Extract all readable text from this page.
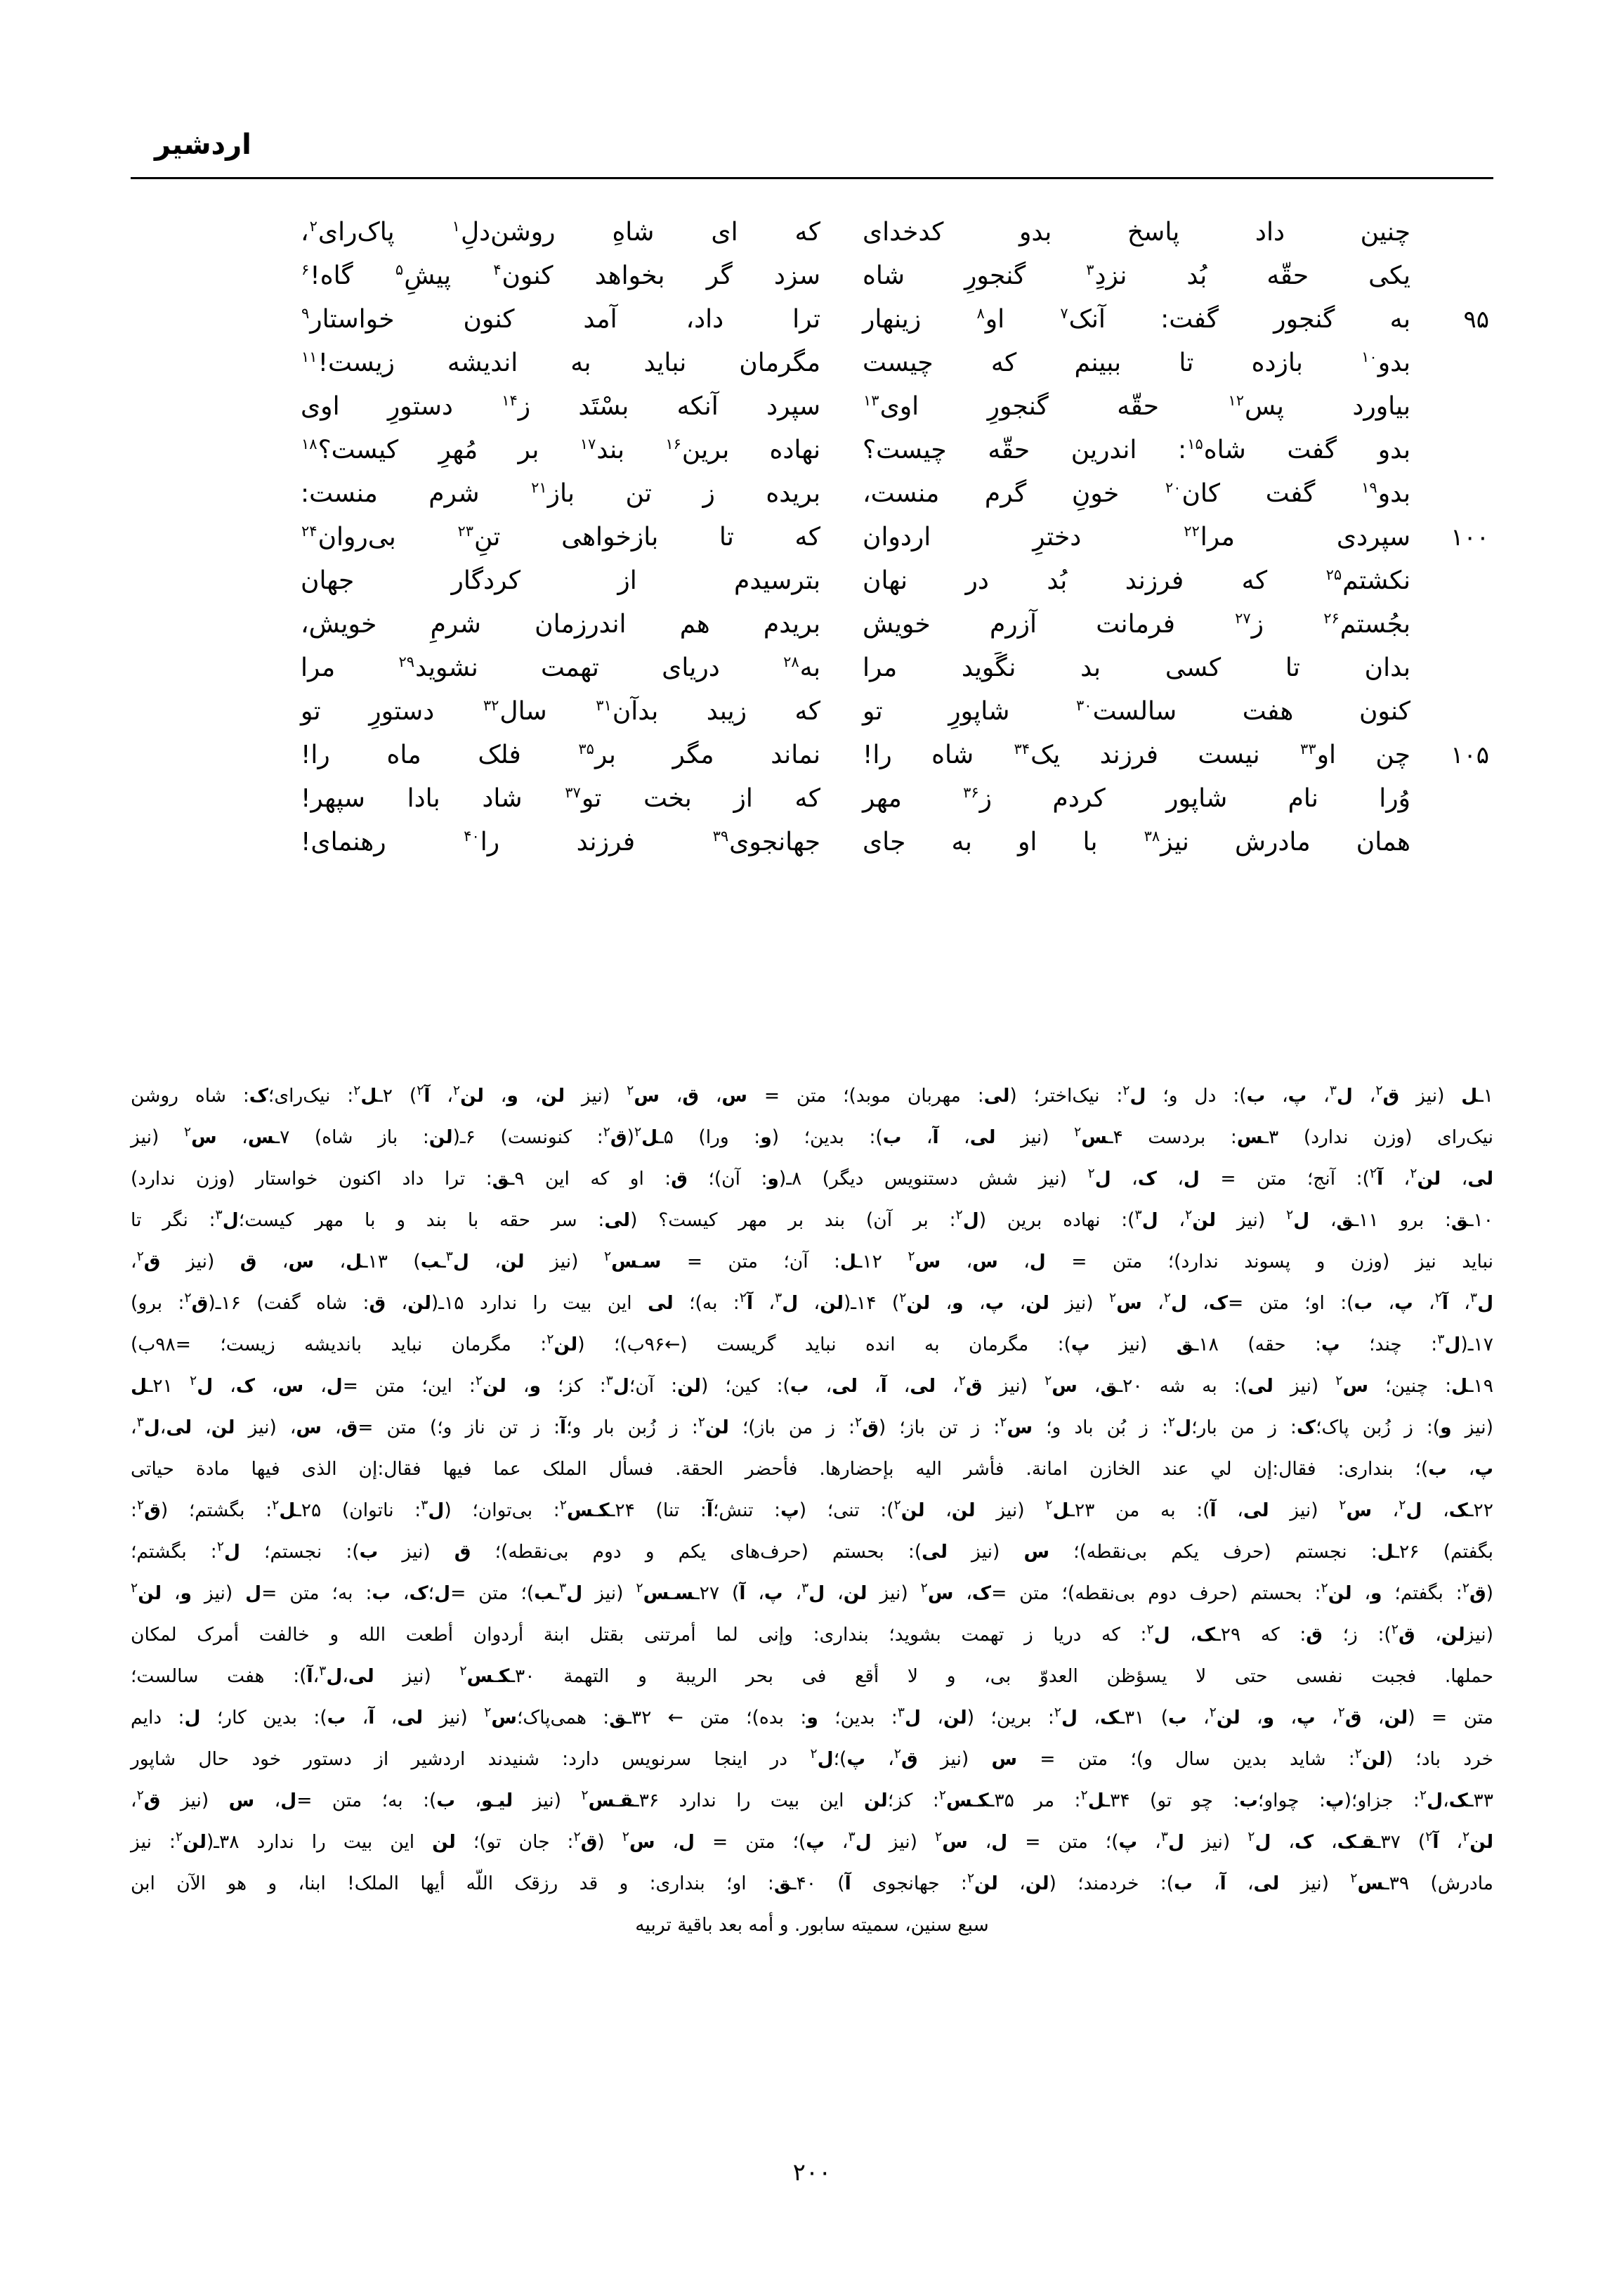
اردشیر
چنین داد پاسخ بدو کدخدای
که ای شاهِ روشن‌دلِ$^۱$ پاک‌رای$^۲$،
یکی حقّه بُد نزدِ$^۳$ گنجورِ شاه
سزد گر بخواهد کنون$^۴$ پیشِ$^۵$ گاه!$^۶$
۹۵
به گنجور گفت: آنک$^۷$ او$^۸$ زینهار
ترا داد، آمد کنون خواستار$^۹$
بدو$^{۱۰}$ بازده تا ببینم که چیست
مگرمان نباید به اندیشه زیست!$^{۱۱}$
بیاورد پس$^{۱۲}$ حقّه گنجورِ اوی$^{۱۳}$
سپرد آنکه بسْتَد ز$^{۱۴}$ دستورِ اوی
بدو گفت شاه$^{۱۵}$: اندرین حقّه چیست؟
نهاده برین$^{۱۶}$ بند$^{۱۷}$ بر مُهرِ کیست؟$^{۱۸}$
بدو$^{۱۹}$ گفت کان$^{۲۰}$ خونِ گرم منست،
بریده ز تن باز$^{۲۱}$ شرم منست:
۱۰۰
سپردی مرا$^{۲۲}$ دخترِ اردوان
که تا بازخواهی تنِ$^{۲۳}$ بی‌روان$^{۲۴}$
نکشتم$^{۲۵}$ که فرزند بُد در نهان
بترسیدم از کردگار جهان
بجُستم$^{۲۶}$ ز$^{۲۷}$ فرمانت آزرم خویش
بریدم هم اندرزمان شرمِ خویش،
بدان تا کسی بد نگَوید مرا
به$^{۲۸}$ دریای تهمت نشوید$^{۲۹}$ مرا
کنون هفت سالست$^{۳۰}$ شاپورِ تو
که زیبد بدآن$^{۳۱}$ سال$^{۳۲}$ دستورِ تو
۱۰۵
چن او$^{۳۳}$ نیست فرزند یک$^{۳۴}$ شاه را!
نماند مگر بر$^{۳۵}$ فلک ماه را!
وُرا نام شاپور کردم ز$^{۳۶}$ مهر
که از بخت تو$^{۳۷}$ شاد بادا سپهر!
همان مادرش نیز$^{۳۸}$ با او به جای
جهانجوی$^{۳۹}$ فرزند را$^{۴۰}$ رهنمای!

۱ـل (نیز ق$^۲$، ل$^۳$، پ، ب): دل و؛ ل$^۲$: نیک‌اختر؛ (لی: مهربان موبد)؛ متن = س، ق، س$^۲$ (نیز لن، و، لن$^۲$، آ$^۲$) ۲ـل$^۲$: نیک‌رای؛ک: شاه روشن

نیک‌رای (وزن ندارد) ۳ـس: بردست ۴ـس$^۲$ (نیز لی، آ، ب): بدین؛ (و: ورا) ۵ـل$^۲$(ق$^۲$: کنونست) ۶ـ(لن: باز شاه) ۷ـس، س$^۲$ (نیز

لی، لن$^۲$، آ$^۲$): آنج؛ متن = ل، ک، ل$^۲$ (نیز شش دستنویس دیگر) ۸ـ(و: آن)؛ ق: او که این ۹ـق: ترا داد اکنون خواستار (وزن ندارد)

۱۰ـق: برو ۱۱ـق، ل$^۲$ (نیز لن$^۲$، ل$^۳$): نهاده برین (ل$^۲$: بر آن) بند بر مهر کیست؟ (لی: سر حقه با بند و با مهر کیست؛ل$^۳$: نگر تا

نباید نیز (وزن و پسوند ندارد)؛ متن = ل، س، س$^۲$ ۱۲ـل: آن؛ متن = سـس$^۲$ (نیز لن، ل$^۳$ـب) ۱۳ـل، س، ق (نیز ق$^۲$،

ل$^۳$، آ$^۲$، پ، ب): او؛ متن =ک، ل$^۲$، س$^۲$ (نیز لن، پ، و، لن$^۲$) ۱۴ـ(لن، ل$^۳$، آ$^۲$: به)؛ لی این بیت را ندارد ۱۵ـ(لن، ق: شاه گفت) ۱۶ـ(ق$^۲$: برو)

۱۷ـ(ل$^۳$: چند؛ پ: حقه) ۱۸ـق (نیز پ): مگرمان به انده نباید گریست (←۹۶ب)؛ (لن$^۲$: مگرمان نباید باندیشه زیست؛ =۹۸ب)

۱۹ـل: چنین؛ س$^۲$ (نیز لی): به شه ۲۰ـق، س$^۲$ (نیز ق$^۲$، لی، آ، لی، ب): کین؛ (لن: آن؛ل$^۳$: کز؛ و، لن$^۲$: این؛ متن =ل، س، ک، ل$^۲$ ۲۱ـل

(نیز و): ز زُبن پاک؛ک: ز من بار؛ل$^۲$: ز بُن باد و؛ س$^۲$: ز تن باز؛ (ق$^۲$: ز من باز)؛ لن$^۲$: ز زُبن بار و؛آ: ز تن ناز و؛) متن =ق، س، (نیز لن، لی،ل$^۳$،

پ، ب)؛ بنداری: فقال:إن لي عند الخازن امانة. فأشر اليه بإحضارها. فأحضر الحقة. فسأل الملک عما فيها فقال:إن الذی فيها مادة حياتی

۲۲ـک، ل$^۲$، س$^۲$ (نیز لی، آ): به من ۲۳ـل$^۲$ (نیز لن، لن$^۲$): تنی؛ (پ: تنش؛آ: تنا) ۲۴ـکـس$^۲$: بی‌توان؛ (ل$^۳$: ناتوان) ۲۵ـل$^۲$: بگشتم؛ (ق$^۲$:

بگفتم) ۲۶ـل: نجستم (حرف یکم بی‌نقطه)؛ س (نیز لی): بحستم (حرف‌های یکم و دوم بی‌نقطه)؛ ق (نیز ب): نجستم؛ ل$^۲$: بگشتم؛

(ق$^۲$: بگفتم؛ و، لن$^۲$: بحستم (حرف دوم بی‌نقطه)؛ متن =ک، س$^۲$ (نیز لن، ل$^۳$، پ، آ) ۲۷ـسـس$^۲$ (نیز ل$^۳$ـب)؛ متن =ل؛ک، ب: به؛ متن =ل (نیز و، لن$^۲$

(نیزلن، ق$^۲$): ز؛ ق: که ۲۹ـک، ل$^۲$: که دریا ز تهمت بشوید؛ بنداری: وإنی لما أمرتنی بقتل ابنة أردوان أطعت الله و خالفت أمرک لمکان

حملها. فجبت نفسی حتی لا يسؤظن العدوّ بی، و لا أقع فی بحر الريبة و التهمة ۳۰ـکـس$^۲$ (نیز لی،ل$^۳$،آ): هفت سالست؛

متن = (لن، ق$^۲$، پ، و، لن$^۲$، ب) ۳۱ـک، ل$^۲$: برین؛ (لن، ل$^۳$: بدین؛ و: بده)؛ متن ← ۳۲ـق: همی‌پاک؛س$^۲$ (نیز لی، آ، ب): بدین کار؛ ل: دایم

خرد باد؛ (لن$^۲$: شاید بدین سال و)؛ متن = س (نیز ق$^۲$، پ)؛ل$^۲$ در اینجا سرنویس دارد: شنیدند اردشیر از دستور خود حال شاپور

۳۳ـک،ل$^۲$: جزاو؛(پ: چواو؛ب: چو تو) ۳۴ـل$^۲$: مر ۳۵ـکـس$^۲$: کز؛لن این بیت را ندارد ۳۶ـقـس$^۲$ (نیز لیـو، ب): به؛ متن =ل، س (نیز ق$^۲$،

لن$^۲$، آ$^۲$) ۳۷ـقـک، ک، ل$^۲$ (نیز ل$^۳$، پ)؛ متن = ل، س$^۲$ (نیز ل$^۳$، پ)؛ متن = ل، س$^۲$ (ق$^۲$: جان تو)؛ لن این بیت را ندارد ۳۸ـ(لن$^۲$: نیز

مادرش) ۳۹ـس$^۲$ (نیز لی، آ، ب): خردمند؛ (لن، لن$^۲$: جهانجوی آ) ۴۰ـق: او؛ بنداری: و قد رزقک اللّه أيها الملک! ابنا، و هو الآن ابن

سبع سنين، سميته سابور. و أمه بعد باقية تربيه

۲۰۰
